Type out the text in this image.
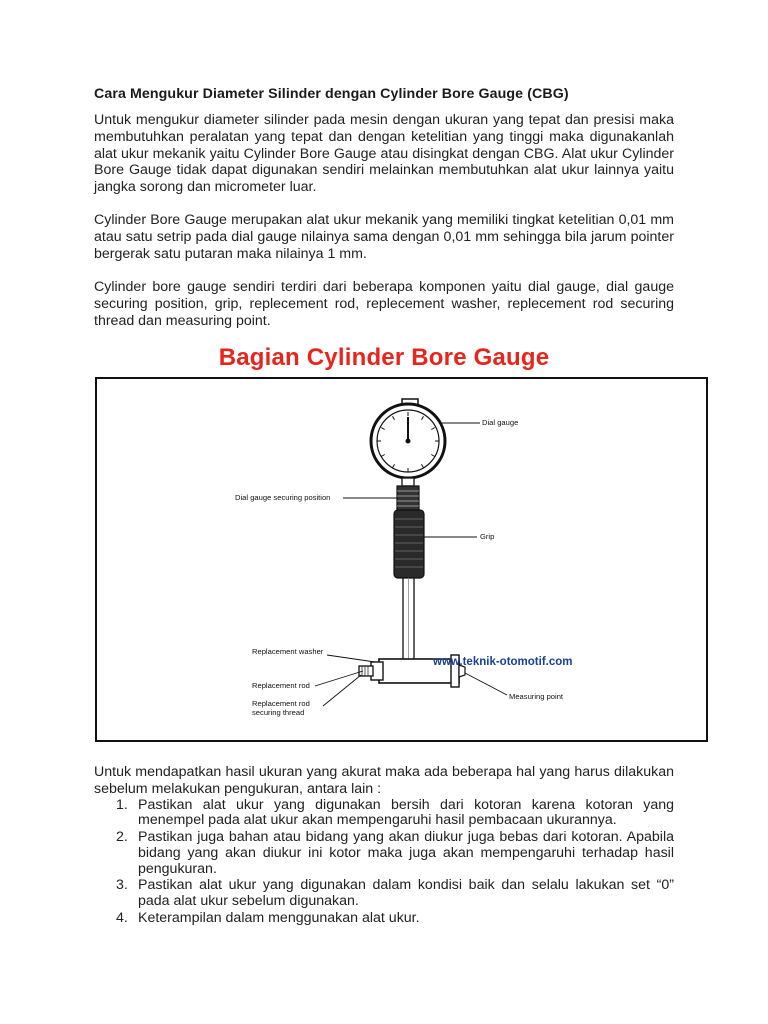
Cara Mengukur Diameter Silinder dengan Cylinder Bore Gauge (CBG)

Untuk mengukur diameter silinder pada mesin dengan ukuran yang tepat dan presisi maka membutuhkan peralatan yang tepat dan dengan ketelitian yang tinggi maka digunakanlah alat ukur mekanik yaitu Cylinder Bore Gauge atau disingkat dengan CBG. Alat ukur Cylinder Bore Gauge tidak dapat digunakan sendiri melainkan membutuhkan alat ukur lainnya yaitu jangka sorong dan micrometer luar.

Cylinder Bore Gauge merupakan alat ukur mekanik yang memiliki tingkat ketelitian 0,01 mm atau satu setrip pada dial gauge nilainya sama dengan 0,01 mm sehingga bila jarum pointer bergerak satu putaran maka nilainya 1 mm.

Cylinder bore gauge sendiri terdiri dari beberapa komponen yaitu dial gauge, dial gauge securing position, grip, replecement rod, replecement washer, replecement rod securing thread dan measuring point.

Bagian Cylinder Bore Gauge
Dial gauge
Dial gauge securing position
Grip
Replacement washer
Replacement rod
Replacement rod
securing thread
Measuring point
www.teknik-otomotif.com

Untuk mendapatkan hasil ukuran yang akurat maka ada beberapa hal yang harus dilakukan sebelum melakukan pengukuran, antara lain :

1. Pastikan alat ukur yang digunakan bersih dari kotoran karena kotoran yang menempel pada alat ukur akan mempengaruhi hasil pembacaan ukurannya.
2. Pastikan juga bahan atau bidang yang akan diukur juga bebas dari kotoran. Apabila bidang yang akan diukur ini kotor maka juga akan mempengaruhi terhadap hasil pengukuran.
3. Pastikan alat ukur yang digunakan dalam kondisi baik dan selalu lakukan set “0” pada alat ukur sebelum digunakan.
4. Keterampilan dalam menggunakan alat ukur.
